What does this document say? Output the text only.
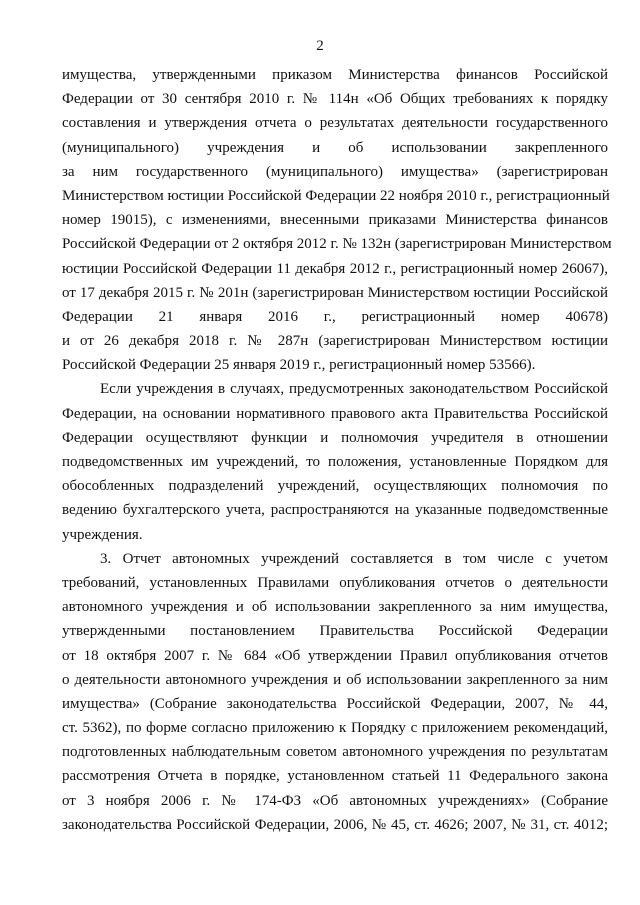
2
имущества, утвержденными приказом Министерства финансов Российской
Федерации от 30 сентября 2010 г. № 114н «Об Общих требованиях к порядку
составления и утверждения отчета о результатах деятельности государственного
(муниципального) учреждения и об использовании закрепленного
за ним государственного (муниципального) имущества» (зарегистрирован
Министерством юстиции Российской Федерации 22 ноября 2010 г., регистрационный
номер 19015), с изменениями, внесенными приказами Министерства финансов
Российской Федерации от 2 октября 2012 г. № 132н (зарегистрирован Министерством
юстиции Российской Федерации 11 декабря 2012 г., регистрационный номер 26067),
от 17 декабря 2015 г. № 201н (зарегистрирован Министерством юстиции Российской
Федерации 21 января 2016 г., регистрационный номер 40678)
и от 26 декабря 2018 г. № 287н (зарегистрирован Министерством юстиции
Российской Федерации 25 января 2019 г., регистрационный номер 53566).
Если учреждения в случаях, предусмотренных законодательством Российской
Федерации, на основании нормативного правового акта Правительства Российской
Федерации осуществляют функции и полномочия учредителя в отношении
подведомственных им учреждений, то положения, установленные Порядком для
обособленных подразделений учреждений, осуществляющих полномочия по
ведению бухгалтерского учета, распространяются на указанные подведомственные
учреждения.
3. Отчет автономных учреждений составляется в том числе с учетом
требований, установленных Правилами опубликования отчетов о деятельности
автономного учреждения и об использовании закрепленного за ним имущества,
утвержденными постановлением Правительства Российской Федерации
от 18 октября 2007 г. № 684 «Об утверждении Правил опубликования отчетов
о деятельности автономного учреждения и об использовании закрепленного за ним
имущества» (Собрание законодательства Российской Федерации, 2007, № 44,
ст. 5362), по форме согласно приложению к Порядку с приложением рекомендаций,
подготовленных наблюдательным советом автономного учреждения по результатам
рассмотрения Отчета в порядке, установленном статьей 11 Федерального закона
от 3 ноября 2006 г. № 174-ФЗ «Об автономных учреждениях» (Собрание
законодательства Российской Федерации, 2006, № 45, ст. 4626; 2007, № 31, ст. 4012;
